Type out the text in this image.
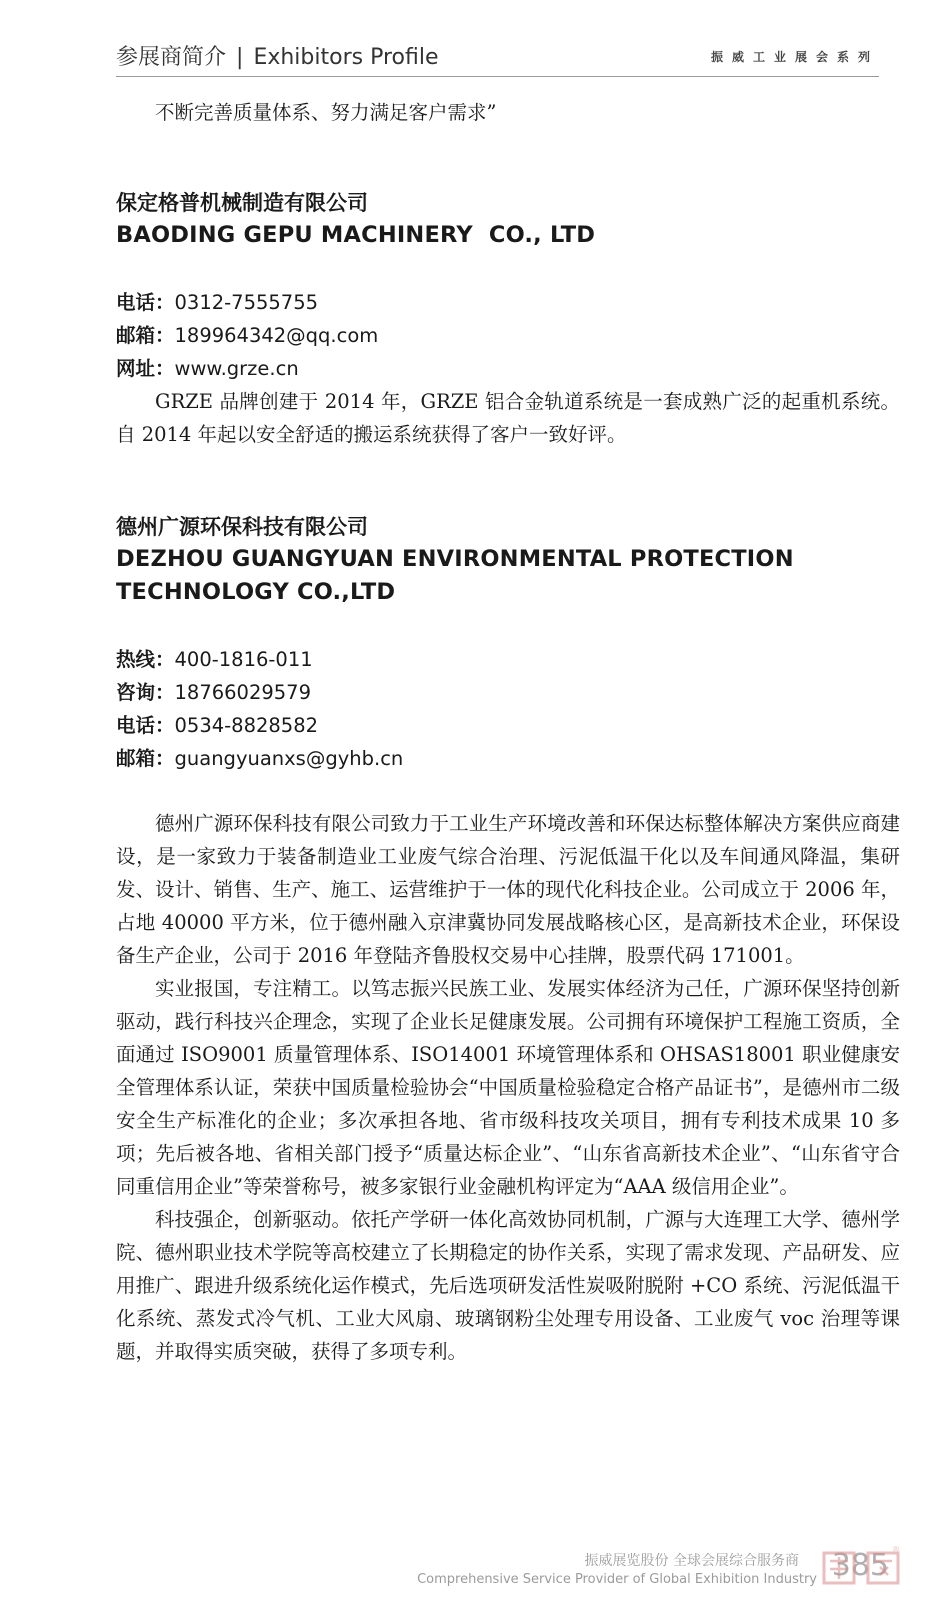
参展商简介 | Exhibitors Profile	振威工业展会系列

不断完善质量体系、努力满足客户需求”

保定格普机械制造有限公司
BAODING GEPU MACHINERY  CO., LTD
电话：0312-7555755
邮箱：189964342@qq.com
网址：www.grze.cn

GRZE 品牌创建于 2014 年，GRZE 铝合金轨道系统是一套成熟广泛的起重机系统。自 2014 年起以安全舒适的搬运系统获得了客户一致好评。

德州广源环保科技有限公司
DEZHOU GUANGYUAN ENVIRONMENTAL PROTECTION
TECHNOLOGY CO.,LTD
热线：400-1816-011
咨询：18766029579
电话：0534-8828582
邮箱：guangyuanxs@gyhb.cn

德州广源环保科技有限公司致力于工业生产环境改善和环保达标整体解决方案供应商建设，是一家致力于装备制造业工业废气综合治理、污泥低温干化以及车间通风降温，集研发、设计、销售、生产、施工、运营维护于一体的现代化科技企业。公司成立于 2006 年，占地 40000 平方米，位于德州融入京津冀协同发展战略核心区，是高新技术企业，环保设备生产企业，公司于 2016 年登陆齐鲁股权交易中心挂牌，股票代码 171001。

实业报国，专注精工。以笃志振兴民族工业、发展实体经济为己任，广源环保坚持创新驱动，践行科技兴企理念，实现了企业长足健康发展。公司拥有环境保护工程施工资质，全面通过 ISO9001 质量管理体系、ISO14001 环境管理体系和 OHSAS18001 职业健康安全管理体系认证，荣获中国质量检验协会“中国质量检验稳定合格产品证书”，是德州市二级安全生产标准化的企业；多次承担各地、省市级科技攻关项目，拥有专利技术成果 10 多项；先后被各地、省相关部门授予“质量达标企业”、“山东省高新技术企业”、“山东省守合同重信用企业”等荣誉称号，被多家银行业金融机构评定为“AAA 级信用企业”。

科技强企，创新驱动。依托产学研一体化高效协同机制，广源与大连理工大学、德州学院、德州职业技术学院等高校建立了长期稳定的协作关系，实现了需求发现、产品研发、应用推广、跟进升级系统化运作模式，先后选项研发活性炭吸附脱附 +CO 系统、污泥低温干化系统、蒸发式冷气机、工业大风扇、玻璃钢粉尘处理专用设备、工业废气 voc 治理等课题，并取得实质突破，获得了多项专利。

振威展览股份 全球会展综合服务商
Comprehensive Service Provider of Global Exhibition Industry 385 ®
